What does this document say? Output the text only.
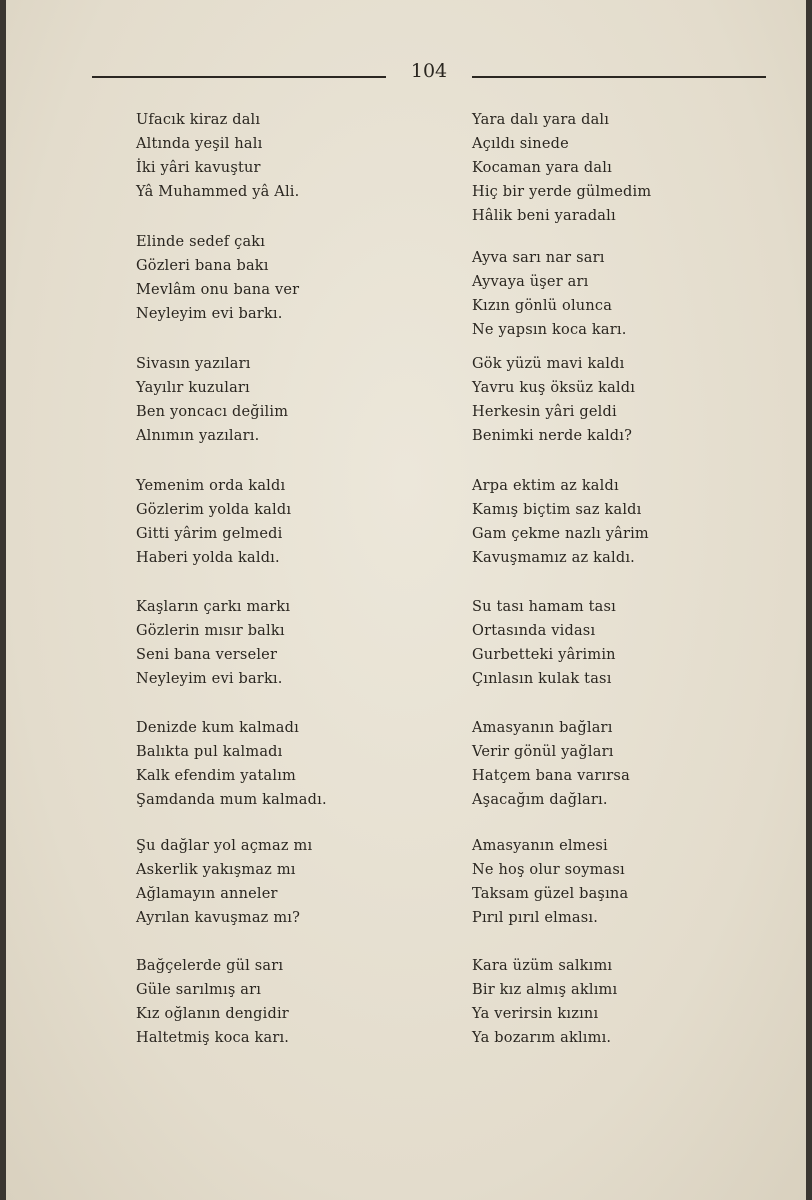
104
Ufacık kiraz dalı
Altında yeşil halı
İki yâri kavuştur
Yâ Muhammed yâ Ali.
Elinde sedef çakı
Gözleri bana bakı
Mevlâm onu bana ver
Neyleyim evi barkı.
Sivasın yazıları
Yayılır kuzuları
Ben yoncacı değilim
Alnımın yazıları.
Yemenim orda kaldı
Gözlerim yolda kaldı
Gitti yârim gelmedi
Haberi yolda kaldı.
Kaşların çarkı markı
Gözlerin mısır balkı
Seni bana verseler
Neyleyim evi barkı.
Denizde kum kalmadı
Balıkta pul kalmadı
Kalk efendim yatalım
Şamdanda mum kalmadı.
Şu dağlar yol açmaz mı
Askerlik yakışmaz mı
Ağlamayın anneler
Ayrılan kavuşmaz mı?
Bağçelerde gül sarı
Güle sarılmış arı
Kız oğlanın dengidir
Haltetmiş koca karı.
Yara dalı yara dalı
Açıldı sinede
Kocaman yara dalı
Hiç bir yerde gülmedim
Hâlik beni yaradalı
Ayva sarı nar sarı
Ayvaya üşer arı
Kızın gönlü olunca
Ne yapsın koca karı.
Gök yüzü mavi kaldı
Yavru kuş öksüz kaldı
Herkesin yâri geldi
Benimki nerde kaldı?
Arpa ektim az kaldı
Kamış biçtim saz kaldı
Gam çekme nazlı yârim
Kavuşmamız az kaldı.
Su tası hamam tası
Ortasında vidası
Gurbetteki yârimin
Çınlasın kulak tası
Amasyanın bağları
Verir gönül yağları
Hatçem bana varırsa
Aşacağım dağları.
Amasyanın elmesi
Ne hoş olur soyması
Taksam güzel başına
Pırıl pırıl elması.
Kara üzüm salkımı
Bir kız almış aklımı
Ya verirsin kızını
Ya bozarım aklımı.
